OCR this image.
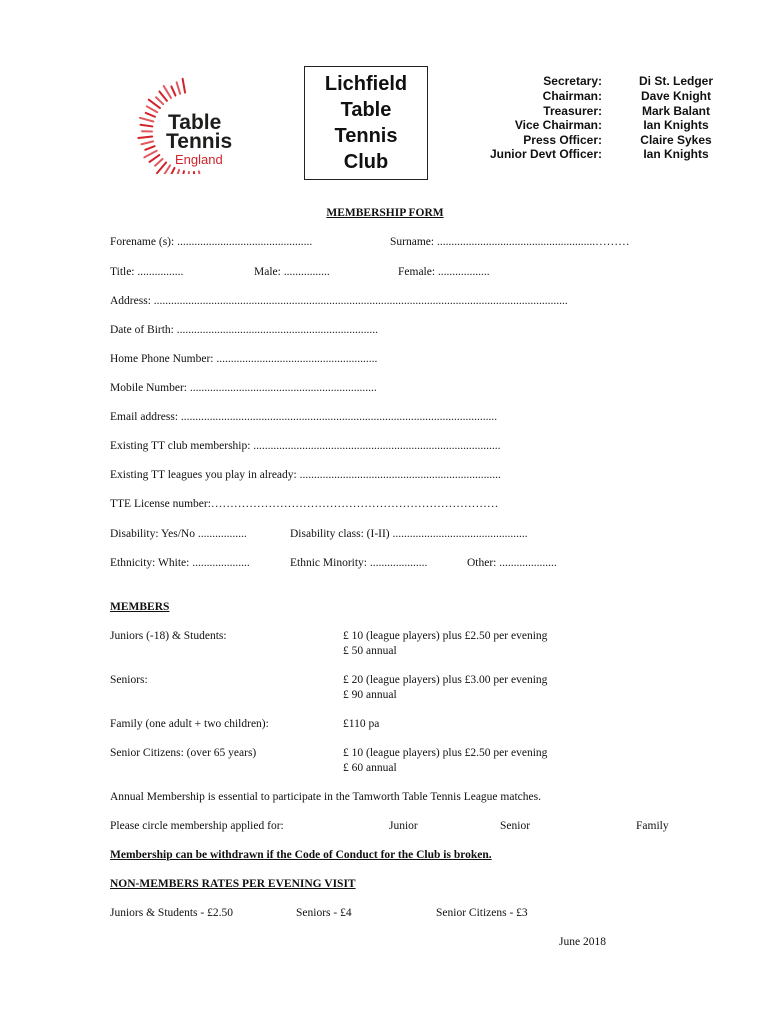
Table
Tennis
England
Lichfield
Table
Tennis
Club
Secretary:	Di St. Ledger
Chairman:	Dave Knight
Treasurer:	Mark Balant
Vice Chairman:	Ian Knights
Press Officer:	Claire Sykes
Junior Devt Officer:	Ian Knights
MEMBERSHIP FORM
Forename (s): ...............................................	Surname: .......................................................………
Title: ................	Male: ................	Female: ..................
Address: ................................................................................................................................................
Date of Birth: ......................................................................
Home Phone Number: ........................................................
Mobile Number: .................................................................
Email address: ..............................................................................................................
Existing TT club membership: ......................................................................................
Existing TT leagues you play in already: ......................................................................
TTE License number:…………………………………………………………………
Disability: Yes/No .................	Disability class: (I-II) ...............................................
Ethnicity: White: ....................	Ethnic Minority: ....................	Other: ....................
MEMBERS
Juniors (-18) & Students:	£ 10 (league players) plus £2.50 per evening
£ 50 annual
Seniors:	£ 20 (league players) plus £3.00 per evening
£ 90 annual
Family (one adult + two children):	£110 pa
Senior Citizens: (over 65 years)	£ 10 (league players) plus £2.50 per evening
£ 60 annual
Annual Membership is essential to participate in the Tamworth Table Tennis League matches.
Please circle membership applied for:	Junior	Senior	Family
Membership can be withdrawn if the Code of Conduct for the Club is broken.
NON-MEMBERS RATES PER EVENING VISIT
Juniors & Students - £2.50	Seniors - £4	Senior Citizens - £3
June 2018
